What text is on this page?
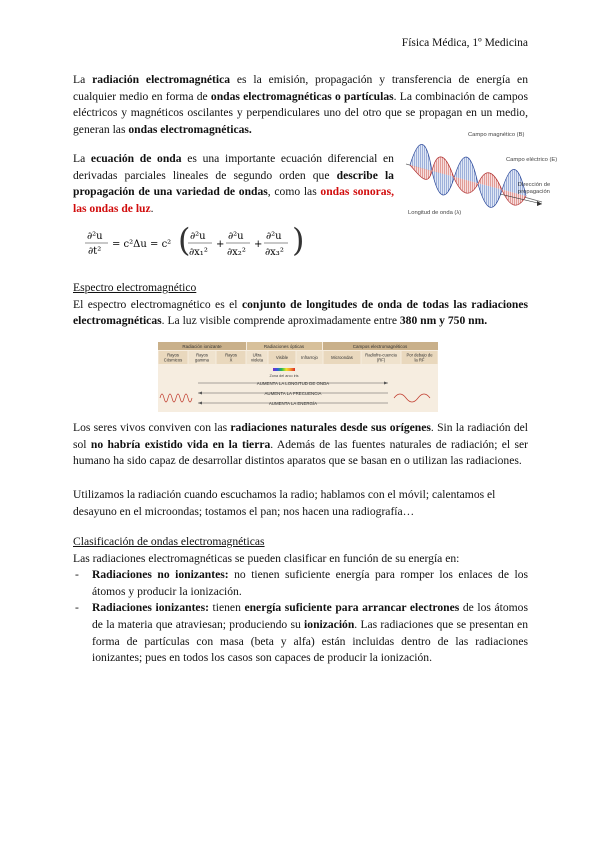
Física Médica, 1º Medicina
La radiación electromagnética es la emisión, propagación y transferencia de energía en cualquier medio en forma de ondas electromagnéticas o partículas. La combinación de campos eléctricos y magnéticos oscilantes y perpendiculares uno del otro que se propagan en un medio, generan las ondas electromagnéticas.	Campo magnético (B)
Campo eléctrico (E)
Dirección de
propagación
Longitud de onda (λ)
La ecuación de onda es una importante ecuación diferencial en derivadas parciales lineales de segundo orden que describe la propagación de una variedad de ondas, como las ondas sonoras, las ondas de luz.
∂²u
∂t²
= c²Δu = c² ( ∂²u
∂x₁²
+
∂²u
∂x₂²
+
∂²u
∂x₃² )
Espectro electromagnético
El espectro electromagnético es el conjunto de longitudes de onda de todas las radiaciones electromagnéticas. La luz visible comprende aproximadamente entre 380 nm y 750 nm.
Radiación ionizante	Radiaciones ópticas	Campos electromagnéticos
Rayos
Cósmicos
Rayos
gamma
Rayos
X
Ultra
violeta	Visible	Infrarrojo	Microondas	Radiofre-cuencia
(RF)
Por debajo de
la RF
Zona del arco iris
AUMENTA LA LONGITUD DE ONDA
AUMENTA LA FRECUENCIA
AUMENTA LA ENERGÍA
Los seres vivos conviven con las radiaciones naturales desde sus orígenes. Sin la radiación del sol no habría existido vida en la tierra. Además de las fuentes naturales de radiación; el ser humano ha sido capaz de desarrollar distintos aparatos que se basan en o utilizan las radiaciones.
Utilizamos la radiación cuando escuchamos la radio; hablamos con el móvil; calentamos el desayuno en el microondas; tostamos el pan; nos hacen una radiografía…
Clasificación de ondas electromagnéticas
Las radiaciones electromagnéticas se pueden clasificar en función de su energía en:
- Radiaciones no ionizantes: no tienen suficiente energía para romper los enlaces de los átomos y producir la ionización.
- Radiaciones ionizantes: tienen energía suficiente para arrancar electrones de los átomos de la materia que atraviesan; produciendo su ionización. Las radiaciones que se presentan en forma de partículas con masa (beta y alfa) están incluidas dentro de las radiaciones ionizantes; pues en todos los casos son capaces de producir la ionización.
